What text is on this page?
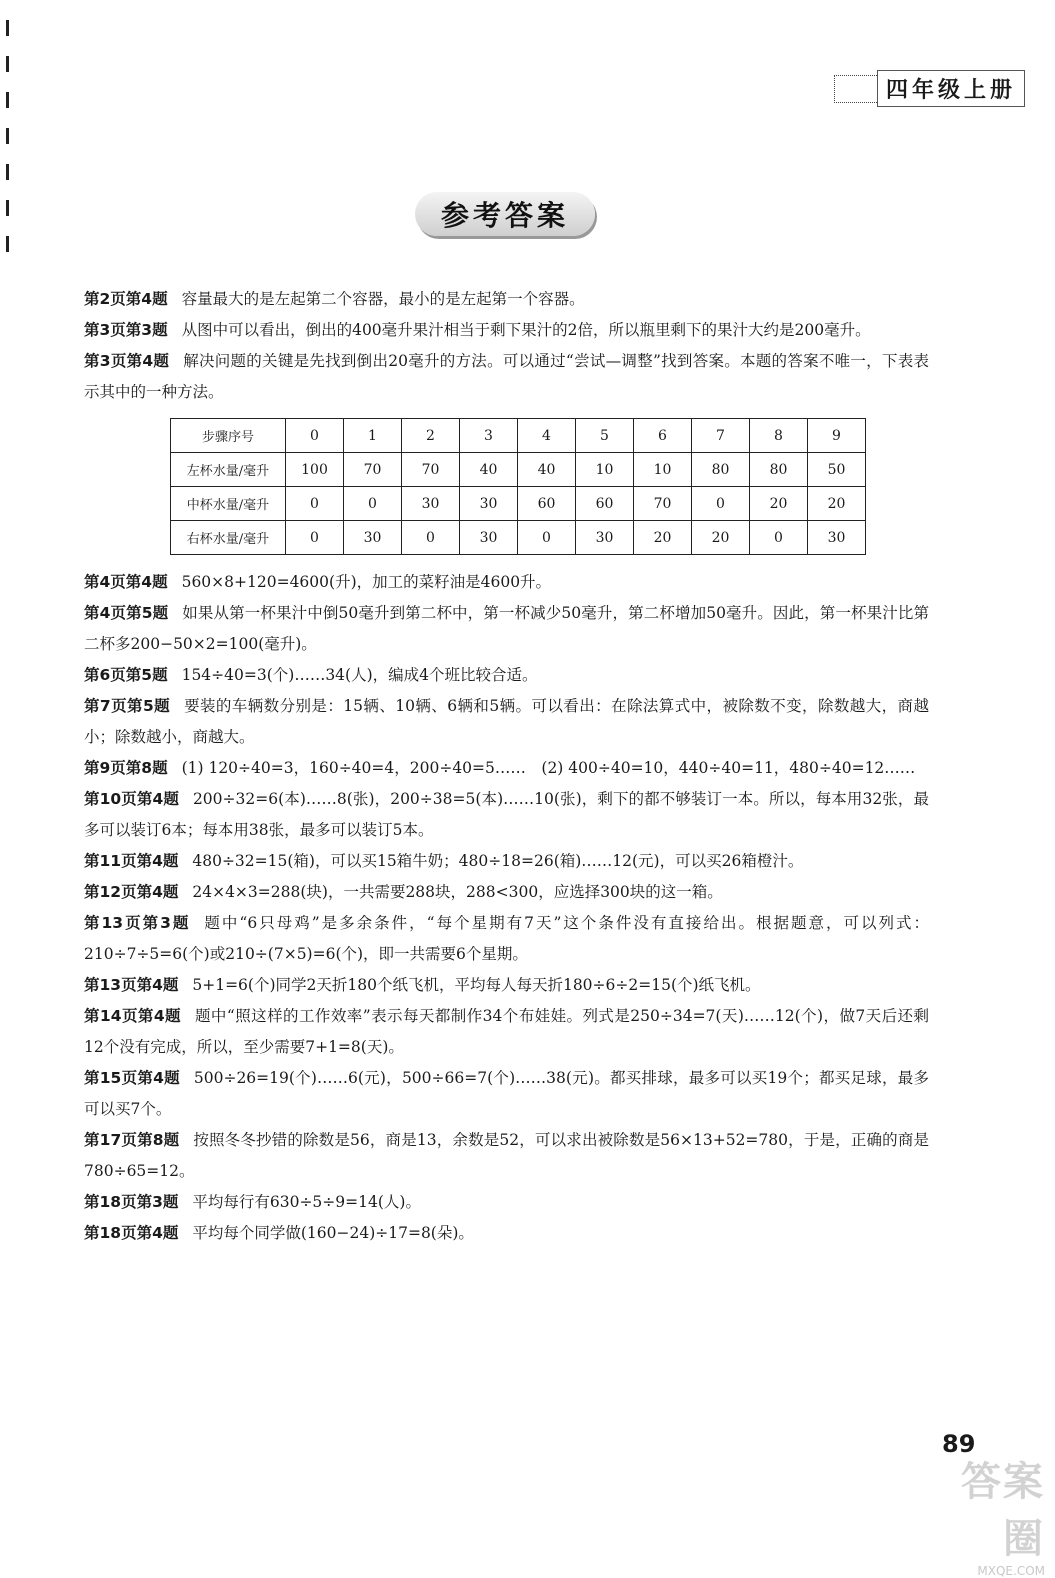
四年级上册
参考答案
第2页第4题 容量最大的是左起第二个容器，最小的是左起第一个容器。
第3页第3题 从图中可以看出，倒出的400毫升果汁相当于剩下果汁的2倍，所以瓶里剩下的果汁大约是200毫升。
第3页第4题 解决问题的关键是先找到倒出20毫升的方法。可以通过“尝试—调整”找到答案。本题的答案不唯一，下表表示其中的一种方法。
步骤序号	0	1	2	3	4	5	6	7	8	9
左杯水量/毫升	100	70	70	40	40	10	10	80	80	50
中杯水量/毫升	0	0	30	30	60	60	70	0	20	20
右杯水量/毫升	0	30	0	30	0	30	20	20	0	30
第4页第4题 560×8+120=4600(升)，加工的菜籽油是4600升。
第4页第5题 如果从第一杯果汁中倒50毫升到第二杯中，第一杯减少50毫升，第二杯增加50毫升。因此，第一杯果汁比第二杯多200−50×2=100(毫升)。
第6页第5题 154÷40=3(个)……34(人)，编成4个班比较合适。
第7页第5题 要装的车辆数分别是：15辆、10辆、6辆和5辆。可以看出：在除法算式中，被除数不变，除数越大，商越小；除数越小，商越大。
第9页第8题 (1) 120÷40=3，160÷40=4，200÷40=5……　(2) 400÷40=10，440÷40=11，480÷40=12……
第10页第4题 200÷32=6(本)……8(张)，200÷38=5(本)……10(张)，剩下的都不够装订一本。所以，每本用32张，最多可以装订6本；每本用38张，最多可以装订5本。
第11页第4题 480÷32=15(箱)，可以买15箱牛奶；480÷18=26(箱)……12(元)，可以买26箱橙汁。
第12页第4题 24×4×3=288(块)，一共需要288块，288<300，应选择300块的这一箱。
第13页第3题 题中“6只母鸡”是多余条件，“每个星期有7天”这个条件没有直接给出。根据题意，可以列式：210÷7÷5=6(个)或210÷(7×5)=6(个)，即一共需要6个星期。
第13页第4题 5+1=6(个)同学2天折180个纸飞机，平均每人每天折180÷6÷2=15(个)纸飞机。
第14页第4题 题中“照这样的工作效率”表示每天都制作34个布娃娃。列式是250÷34=7(天)……12(个)，做7天后还剩12个没有完成，所以，至少需要7+1=8(天)。
第15页第4题 500÷26=19(个)……6(元)，500÷66=7(个)……38(元)。都买排球，最多可以买19个；都买足球，最多可以买7个。
第17页第8题 按照冬冬抄错的除数是56，商是13，余数是52，可以求出被除数是56×13+52=780，于是，正确的商是780÷65=12。
第18页第3题 平均每行有630÷5÷9=14(人)。
第18页第4题 平均每个同学做(160−24)÷17=8(朵)。
89
答案圈
MXQE.COM
